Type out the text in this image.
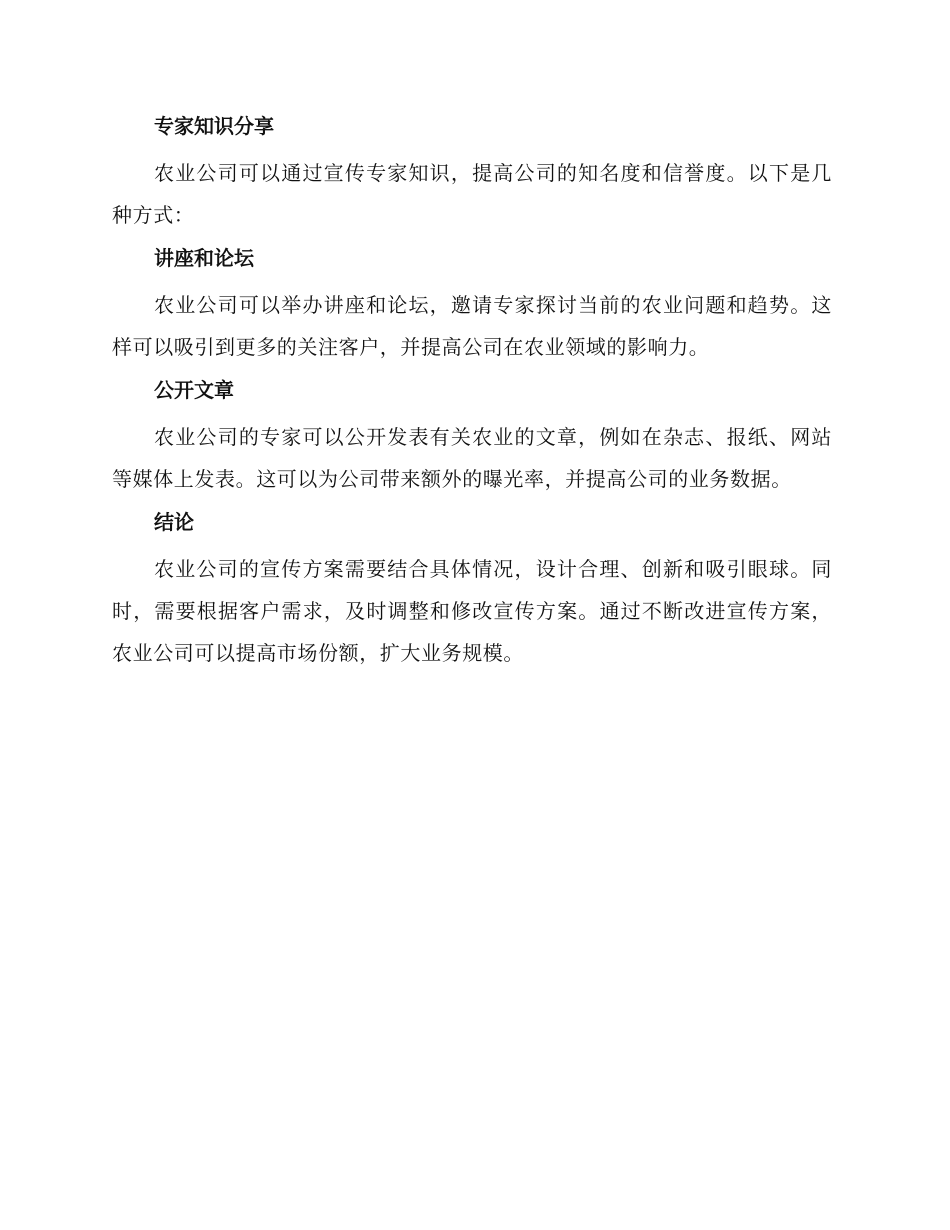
专家知识分享

农业公司可以通过宣传专家知识，提高公司的知名度和信誉度。以下是几种方式：

讲座和论坛

农业公司可以举办讲座和论坛，邀请专家探讨当前的农业问题和趋势。这样可以吸引到更多的关注客户，并提高公司在农业领域的影响力。

公开文章

农业公司的专家可以公开发表有关农业的文章，例如在杂志、报纸、网站等媒体上发表。这可以为公司带来额外的曝光率，并提高公司的业务数据。

结论

农业公司的宣传方案需要结合具体情况，设计合理、创新和吸引眼球。同时，需要根据客户需求，及时调整和修改宣传方案。通过不断改进宣传方案，农业公司可以提高市场份额，扩大业务规模。
